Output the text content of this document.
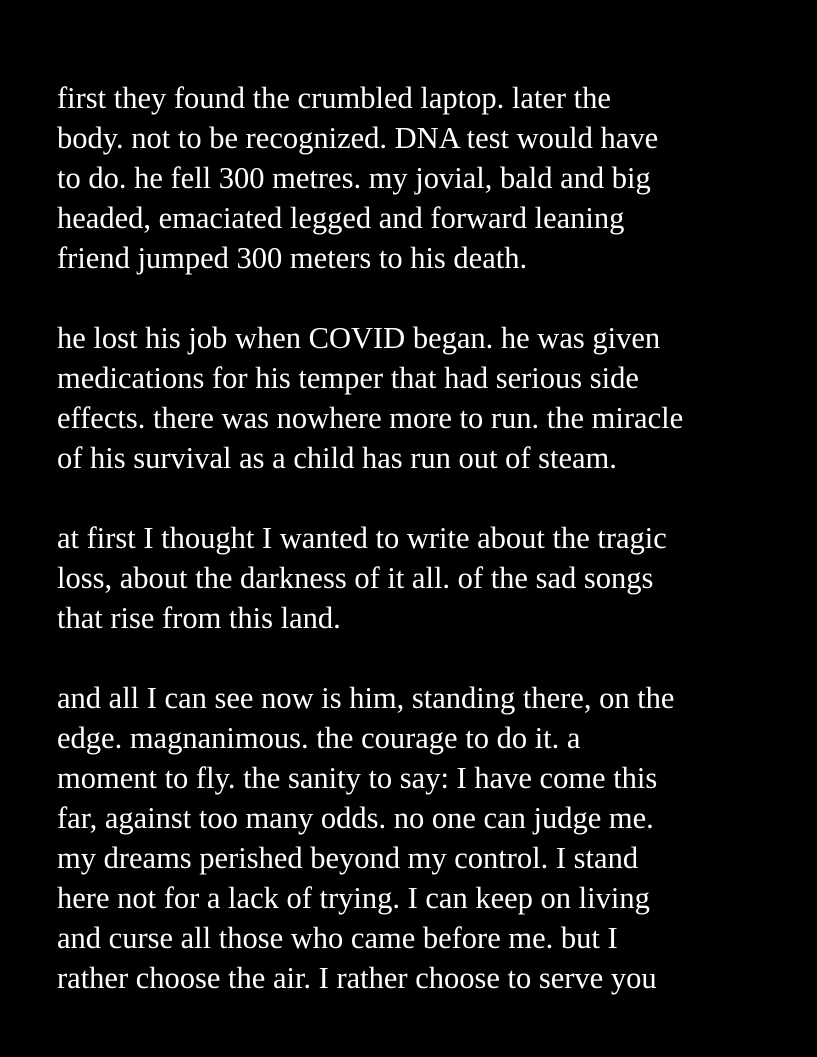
first they found the crumbled laptop. later the
body. not to be recognized. DNA test would have
to do. he fell 300 metres. my jovial, bald and big
headed, emaciated legged and forward leaning
friend jumped 300 meters to his death.

he lost his job when COVID began. he was given
medications for his temper that had serious side
effects. there was nowhere more to run. the miracle
of his survival as a child has run out of steam.

at first I thought I wanted to write about the tragic
loss, about the darkness of it all. of the sad songs
that rise from this land.

and all I can see now is him, standing there, on the
edge. magnanimous. the courage to do it. a
moment to fly. the sanity to say: I have come this
far, against too many odds. no one can judge me.
my dreams perished beyond my control. I stand
here not for a lack of trying. I can keep on living
and curse all those who came before me. but I
rather choose the air. I rather choose to serve you
